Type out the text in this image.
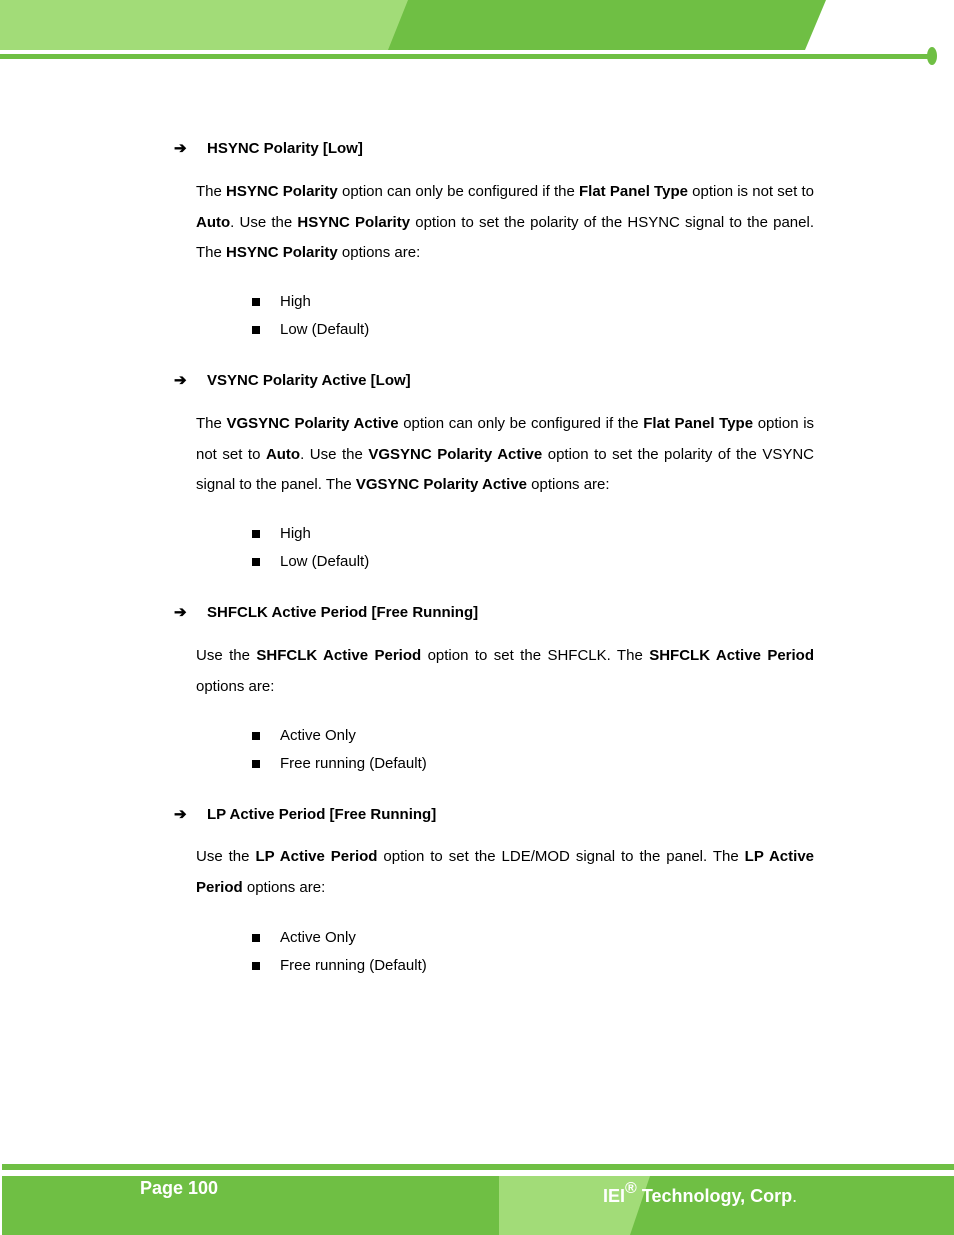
➔ HSYNC Polarity [Low]

The HSYNC Polarity option can only be configured if the Flat Panel Type option is not set to Auto. Use the HSYNC Polarity option to set the polarity of the HSYNC signal to the panel. The HSYNC Polarity options are:

High
Low (Default)
➔ VSYNC Polarity Active [Low]

The VGSYNC Polarity Active option can only be configured if the Flat Panel Type option is not set to Auto. Use the VGSYNC Polarity Active option to set the polarity of the VSYNC signal to the panel. The VGSYNC Polarity Active options are:

High
Low (Default)
➔ SHFCLK Active Period [Free Running]

Use the SHFCLK Active Period option to set the SHFCLK. The SHFCLK Active Period options are:

Active Only
Free running (Default)
➔ LP Active Period [Free Running]

Use the LP Active Period option to set the LDE/MOD signal to the panel. The LP Active Period options are:

Active Only
Free running (Default)
Page 100	IEI® Technology, Corp.
